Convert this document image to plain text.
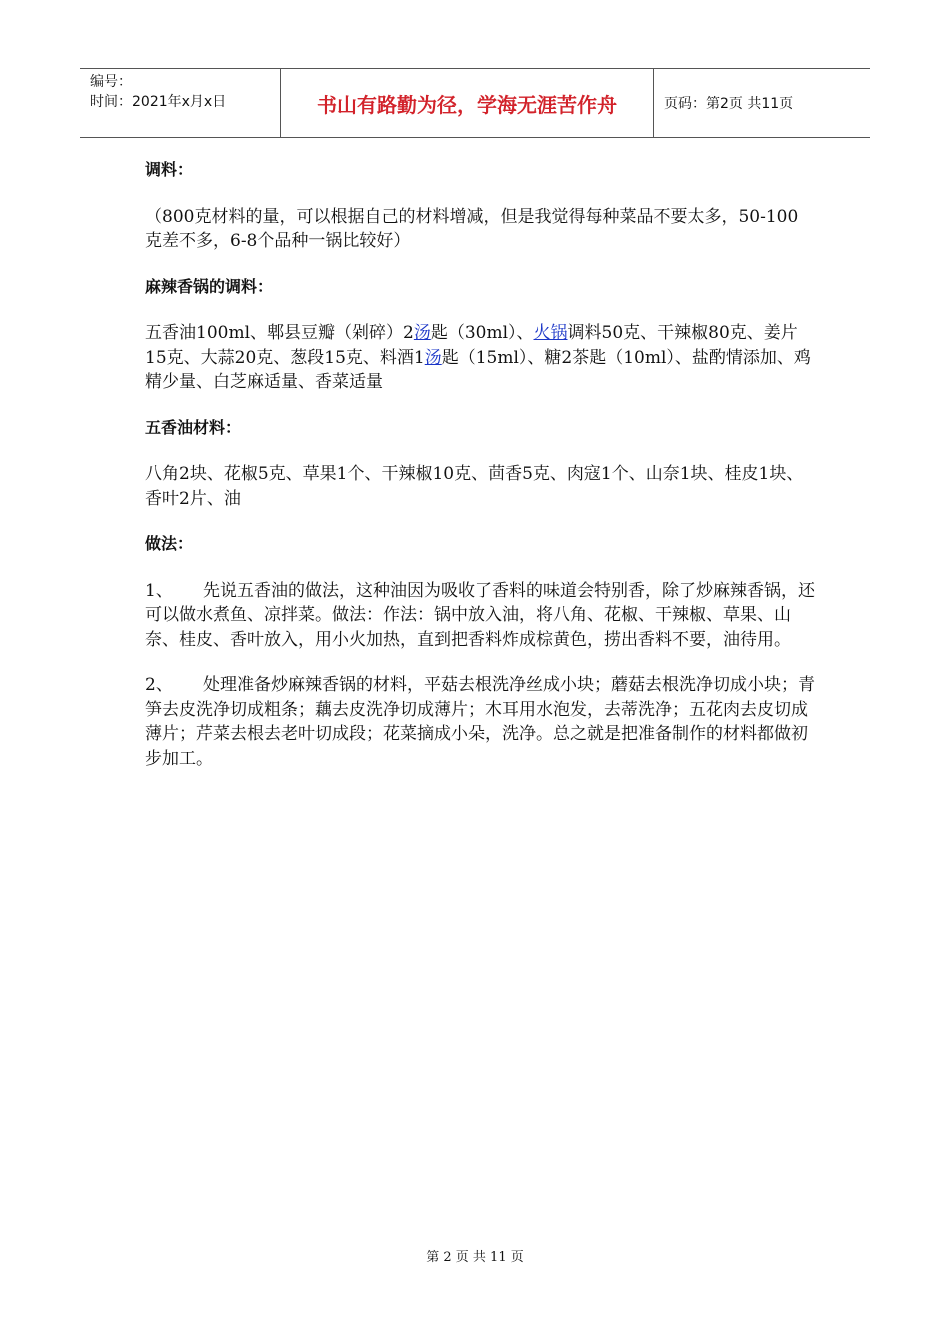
编号：
时间：2021年x月x日	书山有路勤为径，学海无涯苦作舟	页码：第2页 共11页

调料：

（800克材料的量，可以根据自己的材料增减，但是我觉得每种菜品不要太多，50-100克差不多，6-8个品种一锅比较好）

麻辣香锅的调料：

五香油100ml、郫县豆瓣（剁碎）2汤匙（30ml）、火锅调料50克、干辣椒80克、姜片15克、大蒜20克、葱段15克、料酒1汤匙（15ml）、糖2茶匙（10ml）、盐酌情添加、鸡精少量、白芝麻适量、香菜适量

五香油材料：

八角2块、花椒5克、草果1个、干辣椒10克、茴香5克、肉寇1个、山奈1块、桂皮1块、香叶2片、油

做法：

1、 先说五香油的做法，这种油因为吸收了香料的味道会特别香，除了炒麻辣香锅，还可以做水煮鱼、凉拌菜。做法：作法：锅中放入油，将八角、花椒、干辣椒、草果、山奈、桂皮、香叶放入，用小火加热，直到把香料炸成棕黄色，捞出香料不要，油待用。

2、 处理准备炒麻辣香锅的材料，平菇去根洗净丝成小块；蘑菇去根洗净切成小块；青笋去皮洗净切成粗条；藕去皮洗净切成薄片；木耳用水泡发，去蒂洗净；五花肉去皮切成薄片；芹菜去根去老叶切成段；花菜摘成小朵，洗净。总之就是把准备制作的材料都做初步加工。

第 2 页 共 11 页
